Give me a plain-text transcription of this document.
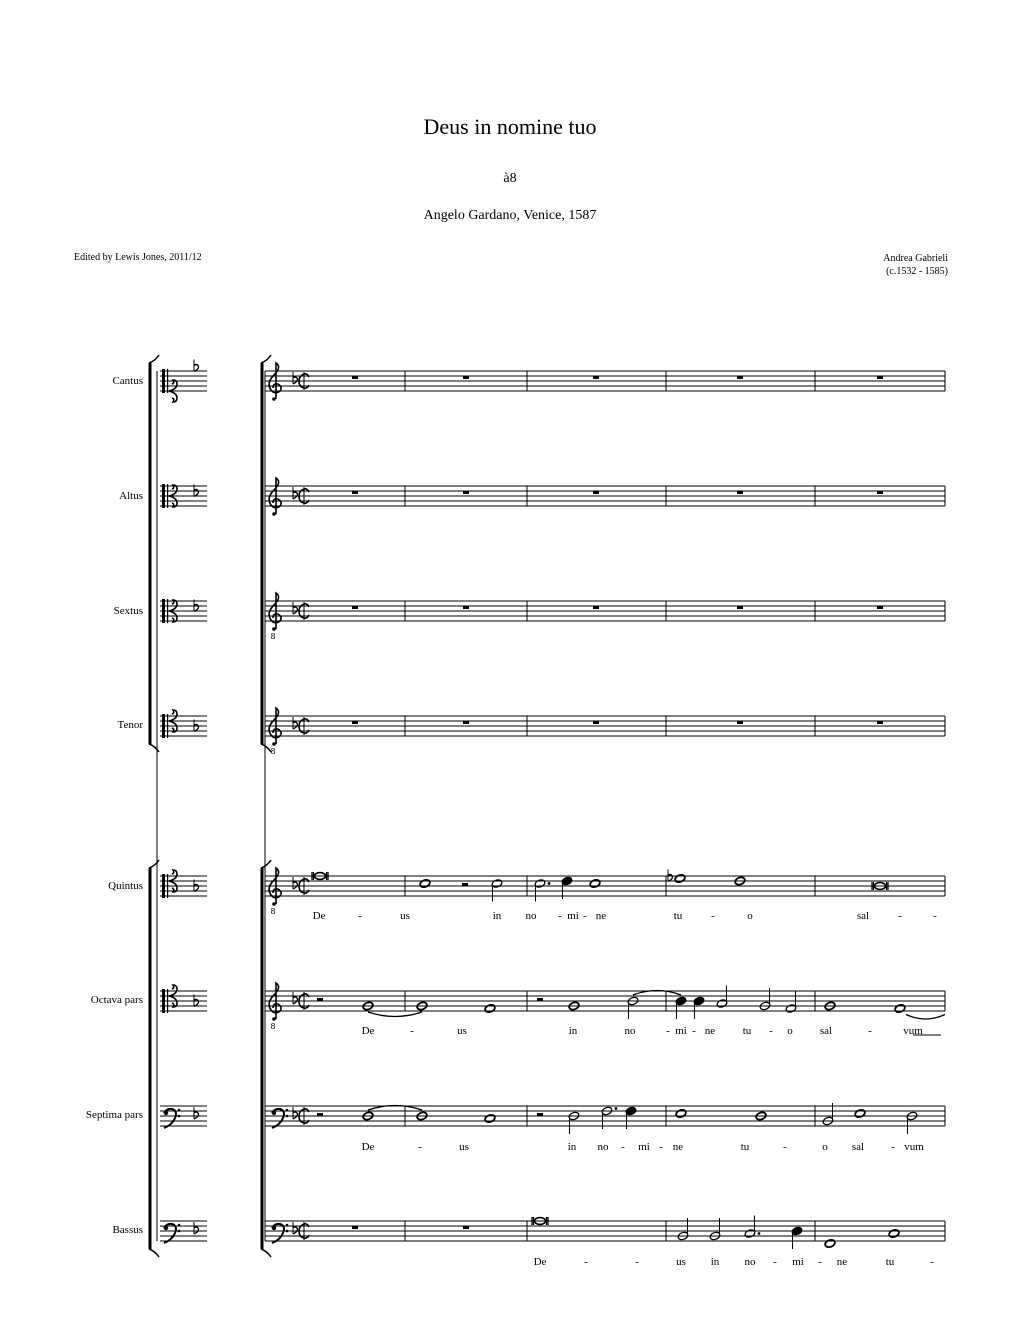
Deus in nomine tuo
à8
Angelo Gardano, Venice, 1587
Edited by Lewis Jones, 2011/12	Andrea Gabrieli
(c.1532 - 1585)
Cantus
Altus
Sextus
Tenor
Quintus
Octava pars
Septima pars
Bassus
8
8
8
8
De	-	us	in no - mi - ne	tu	-	o	sal	-	-
De	-	us	in	no	- mi - ne	tu - o sal	-	vum
De	-	us	in no - mi - ne	tu	-	o sal - vum
De	-	-	us in no - mi - ne	tu	-
